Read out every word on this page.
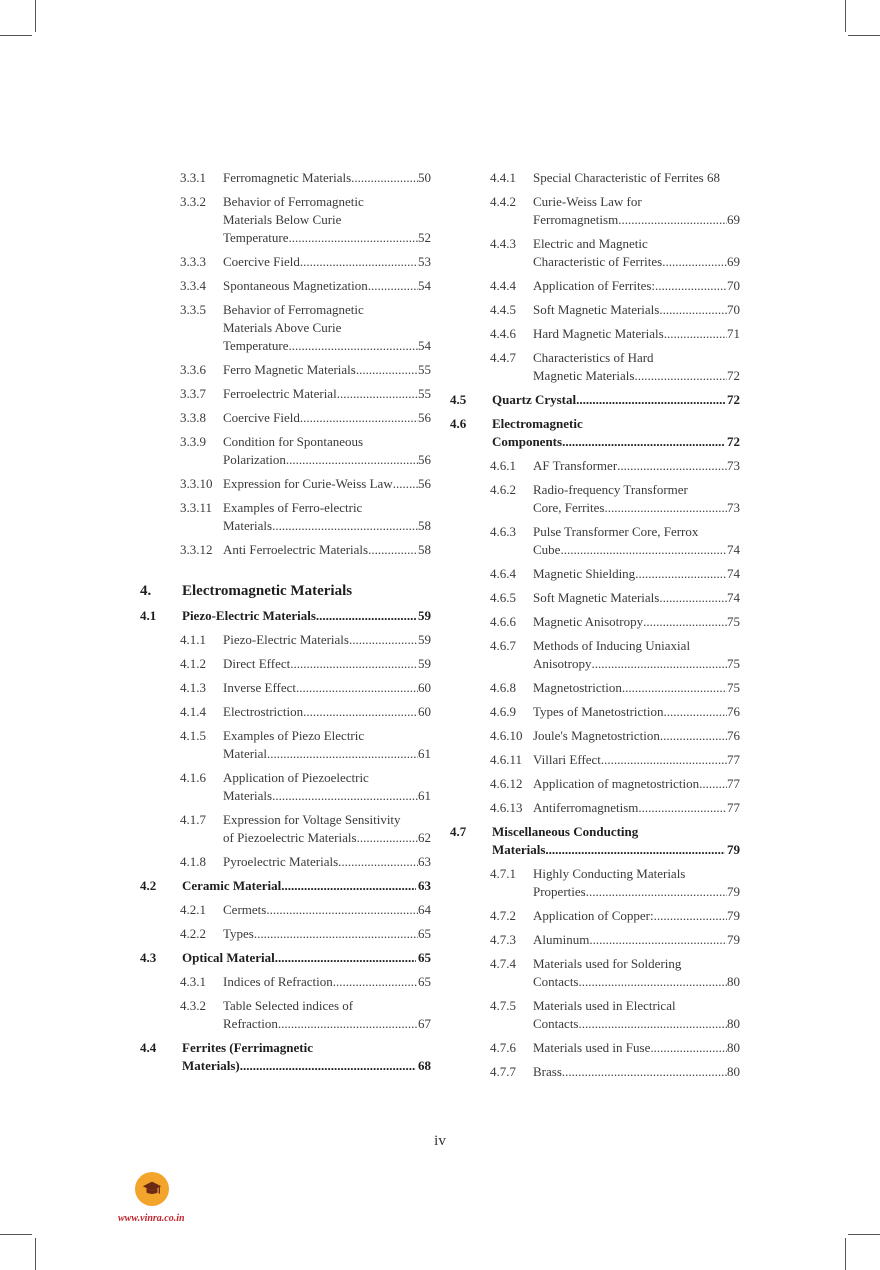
3.3.1 Ferromagnetic Materials .....	50
3.3.2 Behavior of Ferromagnetic
Materials Below Curie
Temperature .....	52
3.3.3 Coercive Field .....	53
3.3.4 Spontaneous Magnetization .....	54
3.3.5 Behavior of Ferromagnetic
Materials Above Curie
Temperature .....	54
3.3.6 Ferro Magnetic Materials .....	55
3.3.7 Ferroelectric Material .....	55
3.3.8 Coercive Field .....	56
3.3.9 Condition for Spontaneous
Polarization .....	56
3.3.10 Expression for Curie-Weiss Law ..... 56
3.3.11 Examples of Ferro-electric
Materials .....	58
3.3.12 Anti Ferroelectric Materials .....	58
4. Electromagnetic Materials
4.1 Piezo-Electric Materials .....	59
4.1.1 Piezo-Electric Materials .....	59
4.1.2 Direct Effect .....	59
4.1.3 Inverse Effect .....	60
4.1.4 Electrostriction .....	60
4.1.5 Examples of Piezo Electric
Material .....	61
4.1.6 Application of Piezoelectric
Materials .....	61
4.1.7 Expression for Voltage Sensitivity
of Piezoelectric Materials .....	62
4.1.8 Pyroelectric Materials .....	63
4.2 Ceramic Material .....	63
4.2.1 Cermets .....	64
4.2.2 Types .....	65
4.3 Optical Material .....	65
4.3.1 Indices of Refraction .....	65
4.3.2 Table Selected indices of
Refraction .....	67
4.4 Ferrites (Ferrimagnetic
Materials) .....	68
4.4.1 Special Characteristic of Ferrites 68
4.4.2 Curie-Weiss Law for
Ferromagnetism .....	69
4.4.3 Electric and Magnetic
Characteristic of Ferrites .....	69
4.4.4 Application of Ferrites: .....	70
4.4.5 Soft Magnetic Materials .....	70
4.4.6 Hard Magnetic Materials .....	71
4.4.7 Characteristics of Hard
Magnetic Materials .....	72
4.5 Quartz Crystal .....	72
4.6 Electromagnetic
Components .....	72
4.6.1 AF Transformer .....	73
4.6.2 Radio-frequency Transformer
Core, Ferrites .....	73
4.6.3 Pulse Transformer Core, Ferrox
Cube .....	74
4.6.4 Magnetic Shielding .....	74
4.6.5 Soft Magnetic Materials .....	74
4.6.6 Magnetic Anisotropy .....	75
4.6.7 Methods of Inducing Uniaxial
Anisotropy .....	75
4.6.8 Magnetostriction .....	75
4.6.9 Types of Manetostriction .....	76
4.6.10 Joule's Magnetostriction .....	76
4.6.11 Villari Effect .....	77
4.6.12 Application of magnetostriction ..... 77
4.6.13 Antiferromagnetism .....	77
4.7 Miscellaneous Conducting
Materials .....	79
4.7.1 Highly Conducting Materials
Properties .....	79
4.7.2 Application of Copper: .....	79
4.7.3 Aluminum .....	79
4.7.4 Materials used for Soldering
Contacts .....	80
4.7.5 Materials used in Electrical
Contacts .....	80
4.7.6 Materials used in Fuse .....	80
4.7.7 Brass .....	80
iv
www.vinra.co.in
